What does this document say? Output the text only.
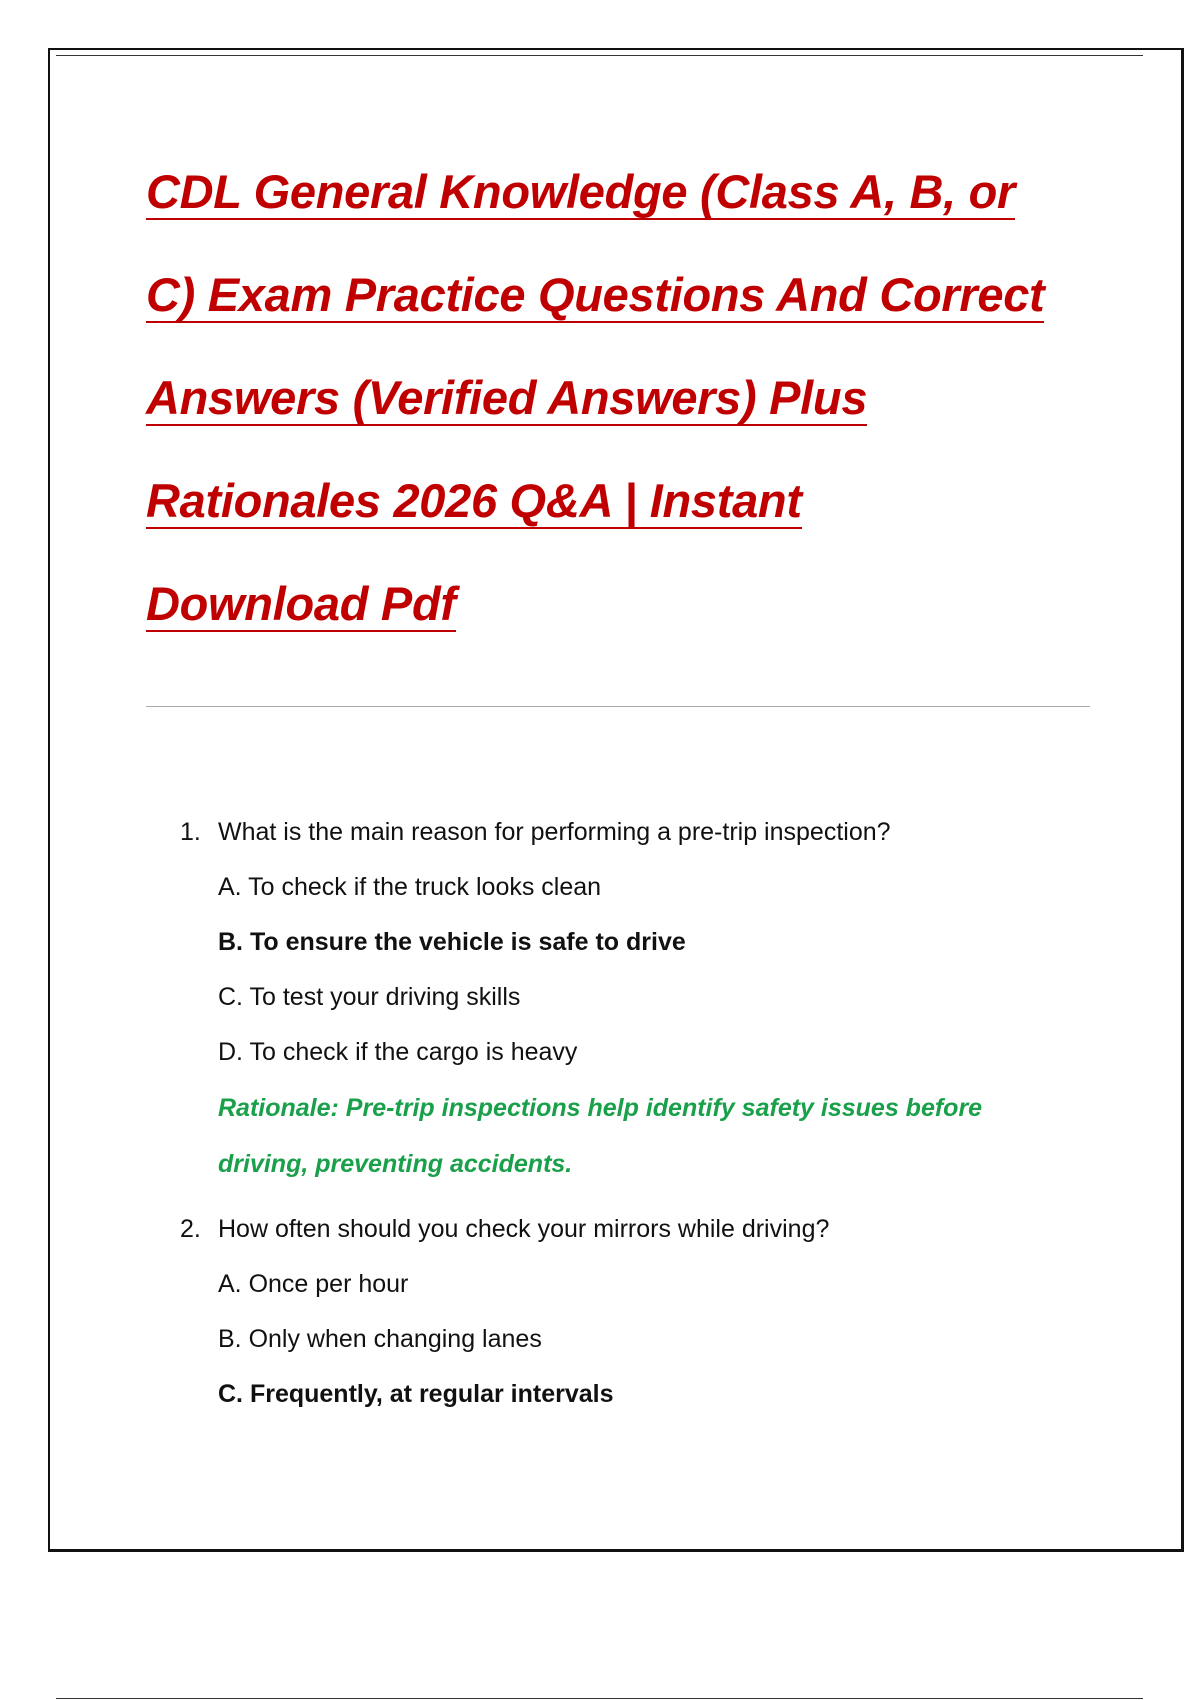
CDL General Knowledge (Class A, B, or
C) Exam Practice Questions And Correct
Answers (Verified Answers) Plus
Rationales 2026 Q&A | Instant
Download Pdf
1. What is the main reason for performing a pre-trip inspection?
A. To check if the truck looks clean
B. To ensure the vehicle is safe to drive
C. To test your driving skills
D. To check if the cargo is heavy
Rationale: Pre-trip inspections help identify safety issues before
driving, preventing accidents.
2. How often should you check your mirrors while driving?
A. Once per hour
B. Only when changing lanes
C. Frequently, at regular intervals
